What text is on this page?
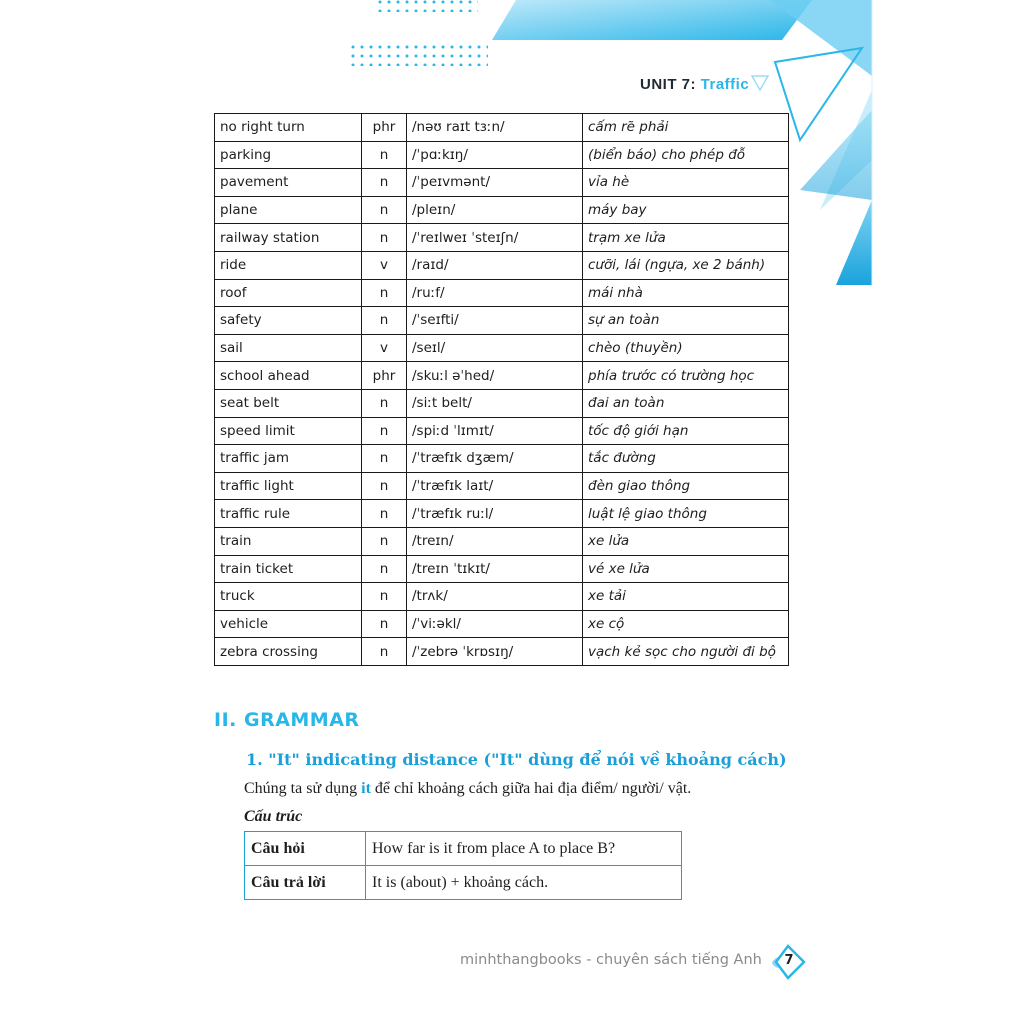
UNIT 7: Traffic
no right turn	phr	/nəʊ raɪt tɜːn/	cấm rẽ phải
parking	n	/ˈpɑːkɪŋ/	(biển báo) cho phép đỗ
pavement	n	/ˈpeɪvmənt/	vỉa hè
plane	n	/pleɪn/	máy bay
railway station	n	/ˈreɪlweɪ ˈsteɪʃn/	trạm xe lửa
ride	v	/raɪd/	cưỡi, lái (ngựa, xe 2 bánh)
roof	n	/ruːf/	mái nhà
safety	n	/ˈseɪfti/	sự an toàn
sail	v	/seɪl/	chèo (thuyền)
school ahead	phr	/skuːl əˈhed/	phía trước có trường học
seat belt	n	/siːt belt/	đai an toàn
speed limit	n	/spiːd ˈlɪmɪt/	tốc độ giới hạn
traffic jam	n	/ˈtræfɪk dʒæm/	tắc đường
traffic light	n	/ˈtræfɪk laɪt/	đèn giao thông
traffic rule	n	/ˈtræfɪk ruːl/	luật lệ giao thông
train	n	/treɪn/	xe lửa
train ticket	n	/treɪn ˈtɪkɪt/	vé xe lửa
truck	n	/trʌk/	xe tải
vehicle	n	/ˈviːəkl/	xe cộ
zebra crossing	n	/ˈzebrə ˈkrɒsɪŋ/	vạch kẻ sọc cho người đi bộ
II. GRAMMAR
1. "It" indicating distance ("It" dùng để nói về khoảng cách)
Chúng ta sử dụng it để chỉ khoảng cách giữa hai địa điểm/ người/ vật.
Cấu trúc
Câu hỏi	How far is it from place A to place B?
Câu trả lời	It is (about) + khoảng cách.
minhthangbooks - chuyên sách tiếng Anh 7
